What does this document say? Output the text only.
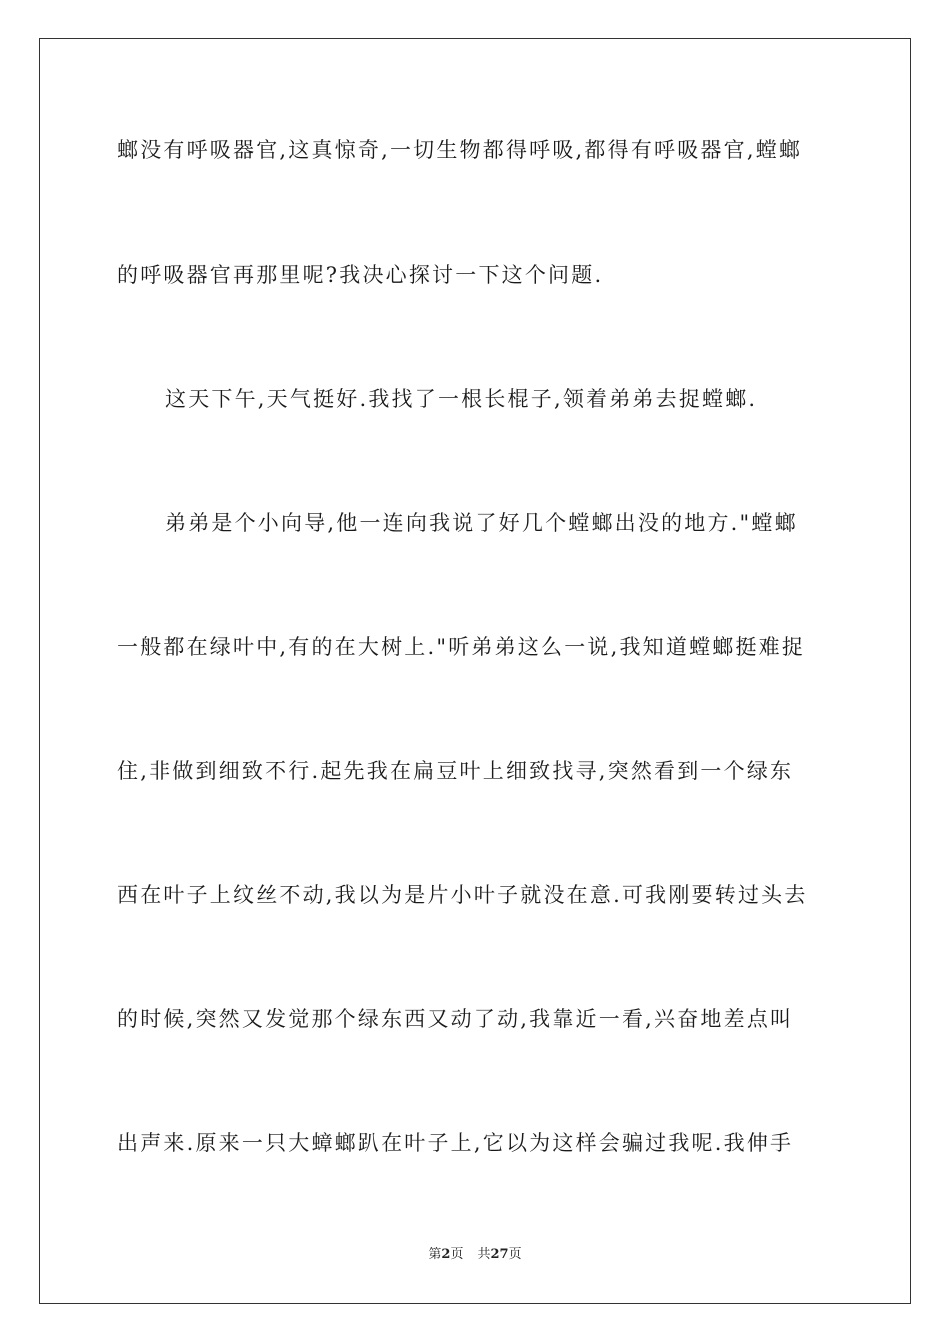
螂没有呼吸器官,这真惊奇,一切生物都得呼吸,都得有呼吸器官,螳螂
的呼吸器官再那里呢?我决心探讨一下这个问题.
这天下午,天气挺好.我找了一根长棍子,领着弟弟去捉螳螂.
弟弟是个小向导,他一连向我说了好几个螳螂出没的地方."螳螂
一般都在绿叶中,有的在大树上."听弟弟这么一说,我知道螳螂挺难捉
住,非做到细致不行.起先我在扁豆叶上细致找寻,突然看到一个绿东
西在叶子上纹丝不动,我以为是片小叶子就没在意.可我刚要转过头去
的时候,突然又发觉那个绿东西又动了动,我靠近一看,兴奋地差点叫
出声来.原来一只大蟑螂趴在叶子上,它以为这样会骗过我呢.我伸手
第2页 共27页
